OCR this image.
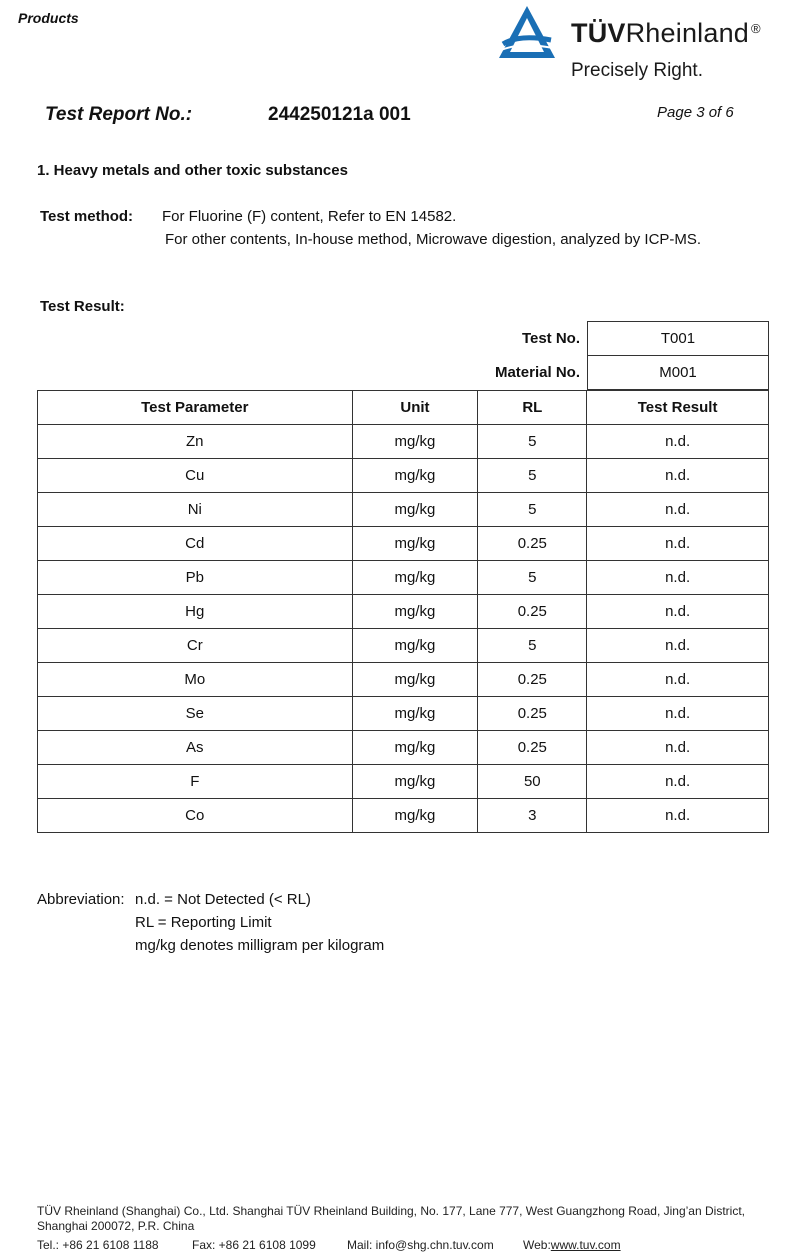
Products	TÜVRheinland ®
Precisely Right.
Test Report No.:	244250121a 001	Page 3 of 6
1. Heavy metals and other toxic substances
Test method: For Fluorine (F) content, Refer to EN 14582.
For other contents, In-house method, Microwave digestion, analyzed by ICP-MS.
Test Result:
Test No.	T001
Material No.	M001
Test Parameter	Unit	RL	Test Result
Zn	mg/kg	5	n.d.
Cu	mg/kg	5	n.d.
Ni	mg/kg	5	n.d.
Cd	mg/kg	0.25	n.d.
Pb	mg/kg	5	n.d.
Hg	mg/kg	0.25	n.d.
Cr	mg/kg	5	n.d.
Mo	mg/kg	0.25	n.d.
Se	mg/kg	0.25	n.d.
As	mg/kg	0.25	n.d.
F	mg/kg	50	n.d.
Co	mg/kg	3	n.d.
Abbreviation: n.d. = Not Detected (< RL)
RL = Reporting Limit
mg/kg denotes milligram per kilogram
TÜV Rheinland (Shanghai) Co., Ltd. Shanghai TÜV Rheinland Building, No. 177, Lane 777, West Guangzhong Road, Jing’an District,
Shanghai 200072, P.R. China
Tel.: +86 21 6108 1188	Fax: +86 21 6108 1099	Mail: info@shg.chn.tuv.com Web:www.tuv.com
